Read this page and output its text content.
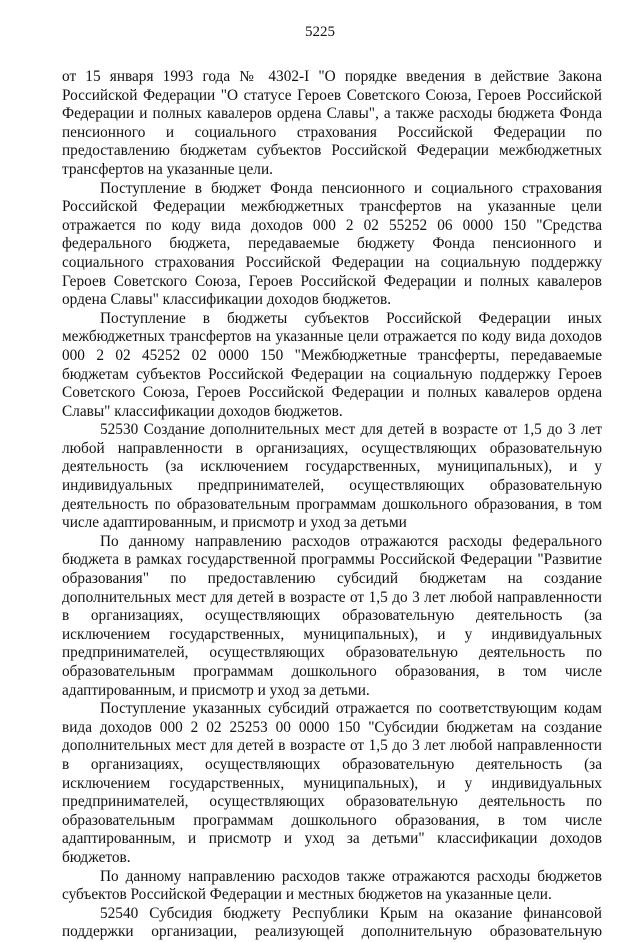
5225

от 15 января 1993 года № 4302-I "О порядке введения в действие Закона Российской Федерации "О статусе Героев Советского Союза, Героев Российской Федерации и полных кавалеров ордена Славы", а также расходы бюджета Фонда пенсионного и социального страхования Российской Федерации по предоставлению бюджетам субъектов Российской Федерации межбюджетных трансфертов на указанные цели.

Поступление в бюджет Фонда пенсионного и социального страхования Российской Федерации межбюджетных трансфертов на указанные цели отражается по коду вида доходов 000 2 02 55252 06 0000 150 "Средства федерального бюджета, передаваемые бюджету Фонда пенсионного и социального страхования Российской Федерации на социальную поддержку Героев Советского Союза, Героев Российской Федерации и полных кавалеров ордена Славы" классификации доходов бюджетов.

Поступление в бюджеты субъектов Российской Федерации иных межбюджетных трансфертов на указанные цели отражается по коду вида доходов 000 2 02 45252 02 0000 150 "Межбюджетные трансферты, передаваемые бюджетам субъектов Российской Федерации на социальную поддержку Героев Советского Союза, Героев Российской Федерации и полных кавалеров ордена Славы" классификации доходов бюджетов.

52530 Создание дополнительных мест для детей в возрасте от 1,5 до 3 лет любой направленности в организациях, осуществляющих образовательную деятельность (за исключением государственных, муниципальных), и у индивидуальных предпринимателей, осуществляющих образовательную деятельность по образовательным программам дошкольного образования, в том числе адаптированным, и присмотр и уход за детьми

По данному направлению расходов отражаются расходы федерального бюджета в рамках государственной программы Российской Федерации "Развитие образования" по предоставлению субсидий бюджетам на создание дополнительных мест для детей в возрасте от 1,5 до 3 лет любой направленности в организациях, осуществляющих образовательную деятельность (за исключением государственных, муниципальных), и у индивидуальных предпринимателей, осуществляющих образовательную деятельность по образовательным программам дошкольного образования, в том числе адаптированным, и присмотр и уход за детьми.

Поступление указанных субсидий отражается по соответствующим кодам вида доходов 000 2 02 25253 00 0000 150 "Субсидии бюджетам на создание дополнительных мест для детей в возрасте от 1,5 до 3 лет любой направленности в организациях, осуществляющих образовательную деятельность (за исключением государственных, муниципальных), и у индивидуальных предпринимателей, осуществляющих образовательную деятельность по образовательным программам дошкольного образования, в том числе адаптированным, и присмотр и уход за детьми" классификации доходов бюджетов.

По данному направлению расходов также отражаются расходы бюджетов субъектов Российской Федерации и местных бюджетов на указанные цели.

52540 Субсидия бюджету Республики Крым на оказание финансовой поддержки организации, реализующей дополнительную образовательную
